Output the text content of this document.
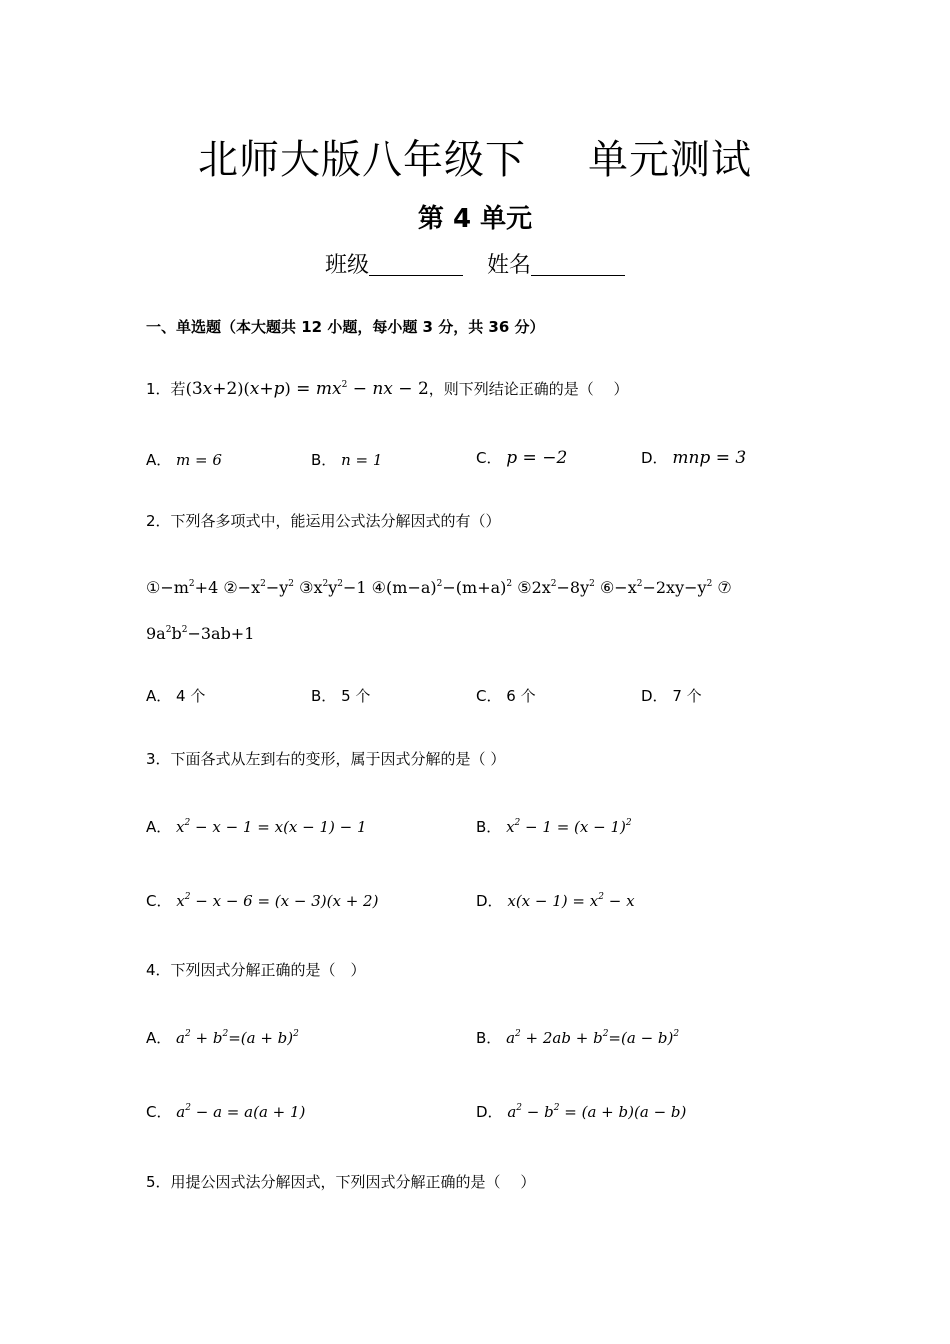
北师大版八年级下 单元测试
第 4 单元
班级	姓名
一、单选题（本大题共 12 小题，每小题 3 分，共 36 分）
1．若$(3x+2)(x+p) = mx^2$ − nx − 2，则下列结论正确的是（　 ）
A． m = 6	B． n = 1	C． p = −2	D． mnp = 3
2．下列各多项式中，能运用公式法分解因式的有（）
$①-m^2+4$ $②-x^2-y^2$ $③x^2y^2-1$ $④(m-a)^2-(m+a)^2$ $⑤2x^2-8y^2$ $⑥-x^2-2xy-y^2$ ⑦
$9a^2b^2-3ab+1$
A． 4 个	B． 5 个	C． 6 个	D． 7 个
3．下面各式从左到右的变形，属于因式分解的是（ ）
A． $x^2 - x - 1 = x(x - 1) - 1$	B． $x^2 - 1 = (x - 1)^2$
C． $x^2 - x - 6 = (x - 3)(x + 2)$	D． $x(x - 1) = x^2 - x$
4．下列因式分解正确的是（　）
A． $a^2 + b^2=(a + b)^2$	B． $a^2 + 2ab + b^2=(a - b)^2$
C． $a^2 - a = a(a + 1)$	D． $a^2 - b^2 = (a + b)(a - b)$
5．用提公因式法分解因式，下列因式分解正确的是（　 ）
